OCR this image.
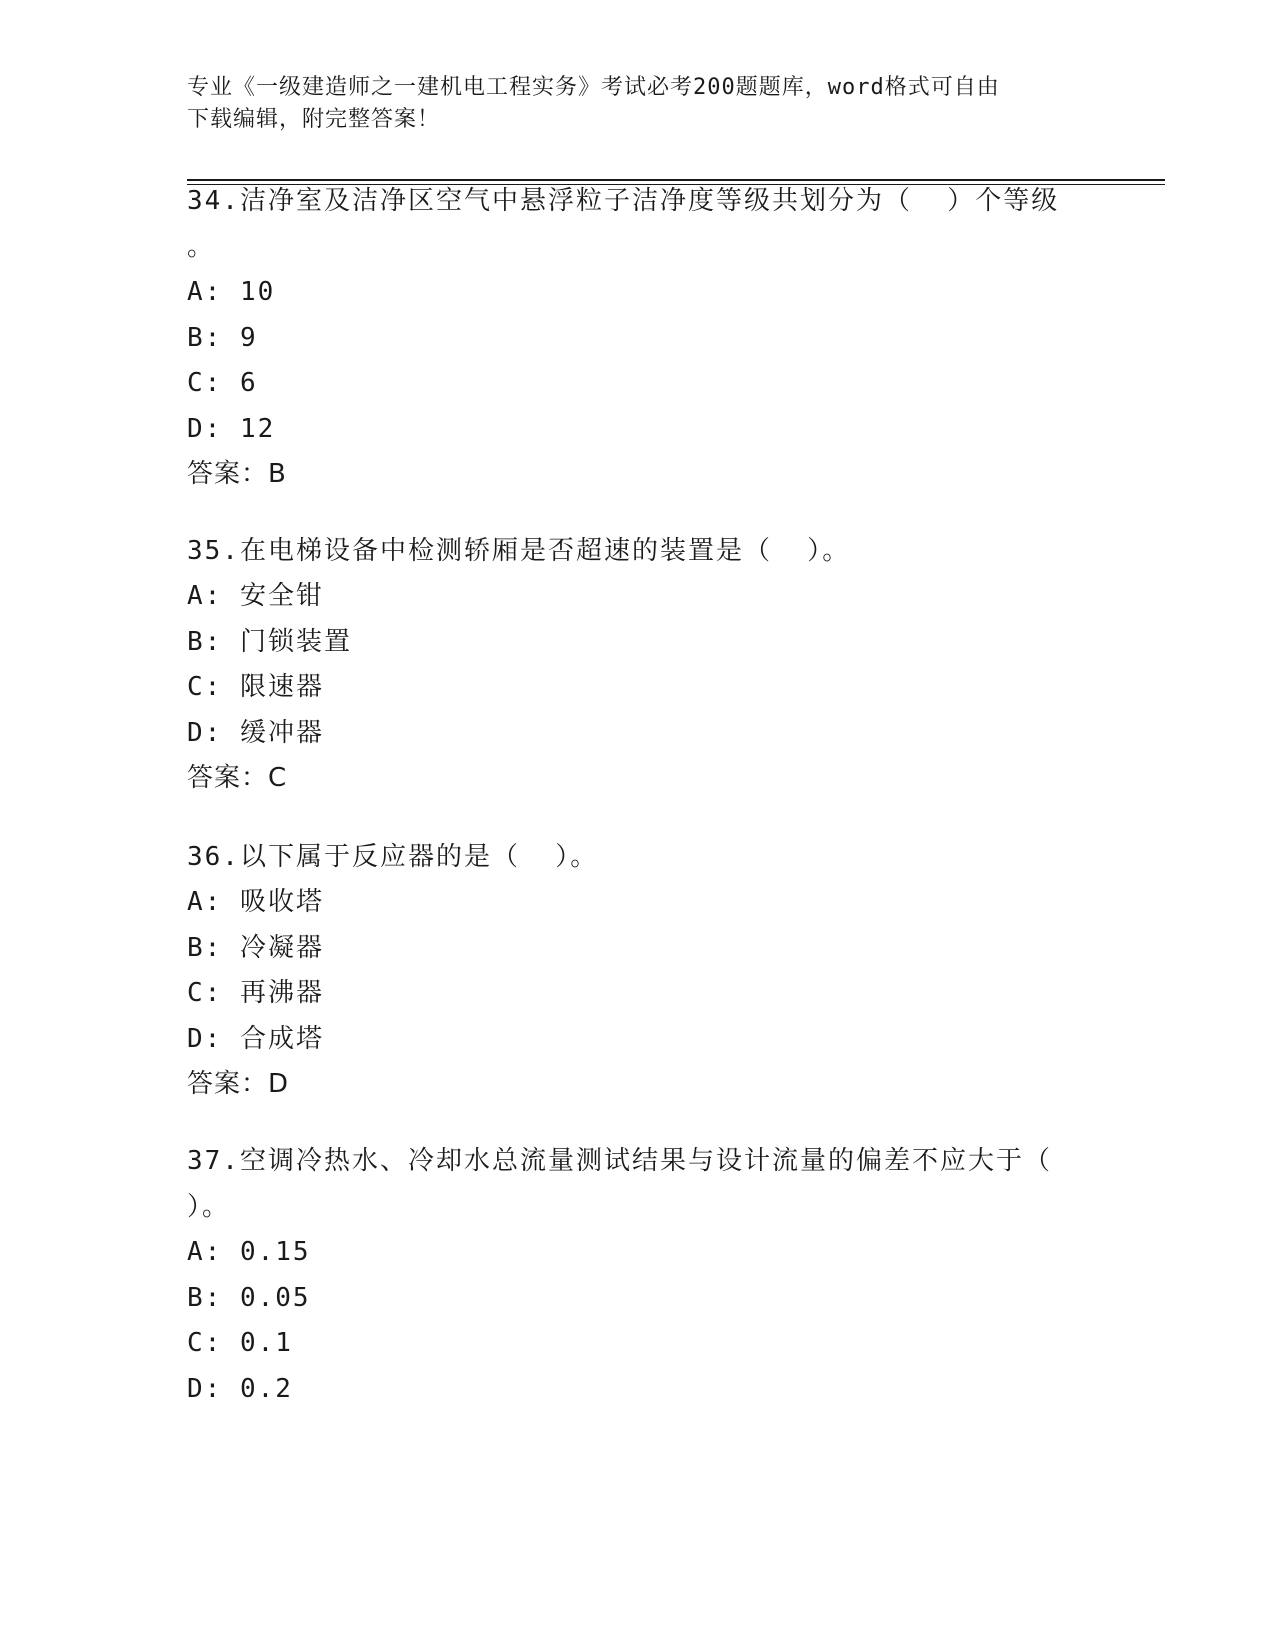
专业《一级建造师之一建机电工程实务》考试必考200题题库，word格式可自由
下载编辑，附完整答案！

34.洁净室及洁净区空气中悬浮粒子洁净度等级共划分为（  ）个等级

。

A: 10

B: 9

C: 6

D: 12

答案：B

35.在电梯设备中检测轿厢是否超速的装置是（  ）。

A: 安全钳

B: 门锁装置

C: 限速器

D: 缓冲器

答案：C

36.以下属于反应器的是（  ）。

A: 吸收塔

B: 冷凝器

C: 再沸器

D: 合成塔

答案：D

37.空调冷热水、冷却水总流量测试结果与设计流量的偏差不应大于（

）。

A: 0.15

B: 0.05

C: 0.1

D: 0.2
